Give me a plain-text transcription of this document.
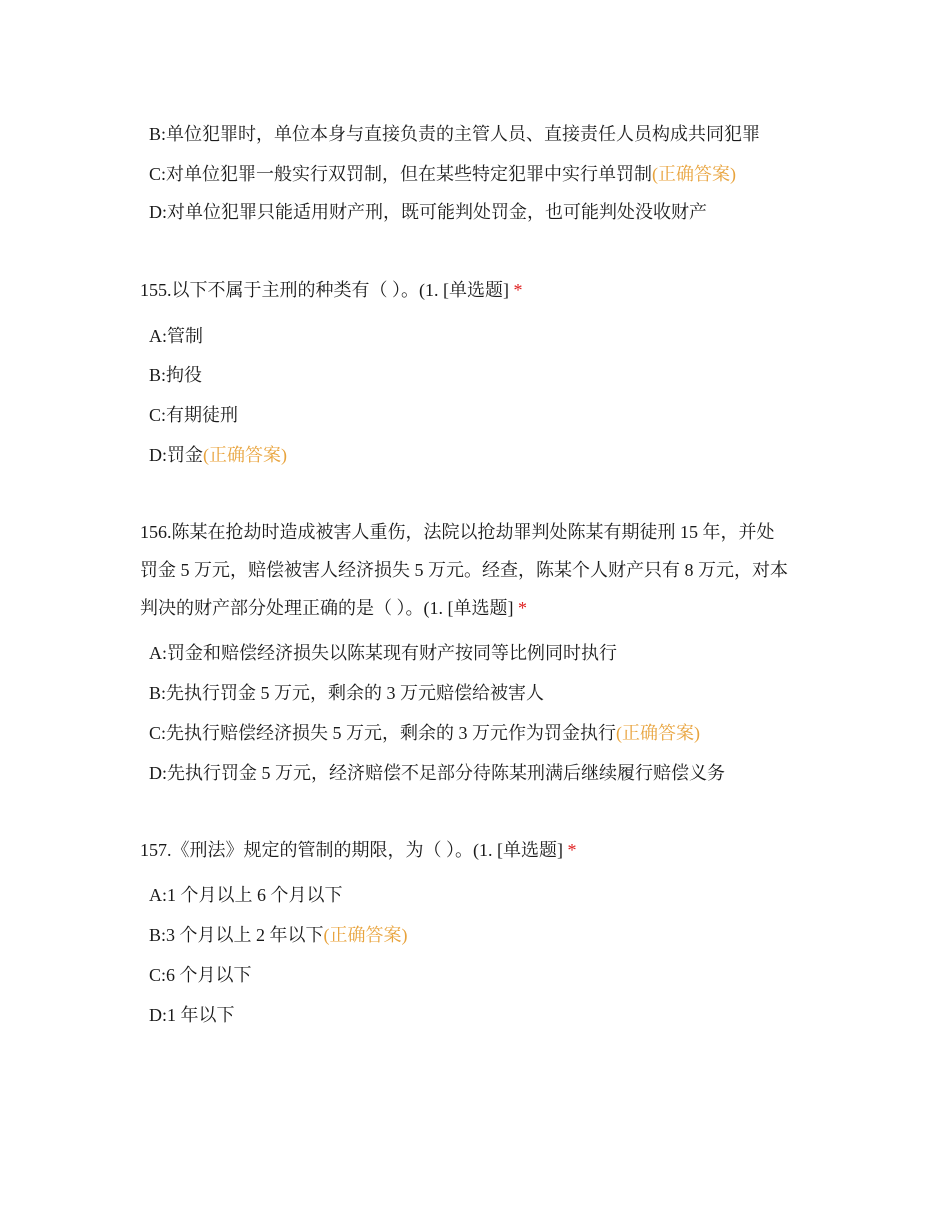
B:单位犯罪时，单位本身与直接负责的主管人员、直接责任人员构成共同犯罪
C:对单位犯罪一般实行双罚制，但在某些特定犯罪中实行单罚制(正确答案)
D:对单位犯罪只能适用财产刑，既可能判处罚金，也可能判处没收财产
155.以下不属于主刑的种类有（ ）。(1. [单选题] *
A:管制
B:拘役
C:有期徒刑
D:罚金(正确答案)
156.陈某在抢劫时造成被害人重伤，法院以抢劫罪判处陈某有期徒刑 15 年，并处
罚金 5 万元，赔偿被害人经济损失 5 万元。经查，陈某个人财产只有 8 万元，对本
判决的财产部分处理正确的是（ ）。(1. [单选题] *
A:罚金和赔偿经济损失以陈某现有财产按同等比例同时执行
B:先执行罚金 5 万元，剩余的 3 万元赔偿给被害人
C:先执行赔偿经济损失 5 万元，剩余的 3 万元作为罚金执行(正确答案)
D:先执行罚金 5 万元，经济赔偿不足部分待陈某刑满后继续履行赔偿义务
157.《刑法》规定的管制的期限，为（ ）。(1. [单选题] *
A:1 个月以上 6 个月以下
B:3 个月以上 2 年以下(正确答案)
C:6 个月以下
D:1 年以下
